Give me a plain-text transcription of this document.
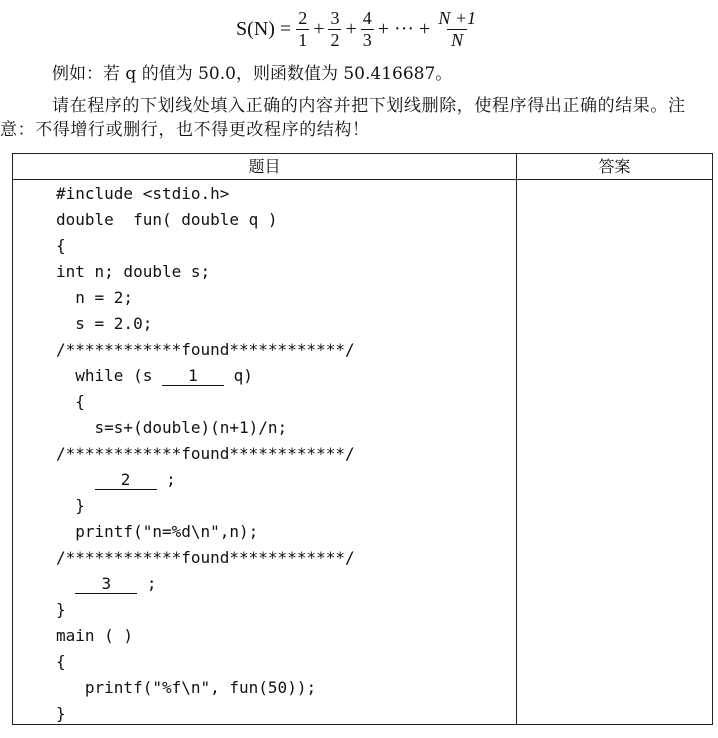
$S(N) = \frac{2}{1} + \frac{3}{2} + \frac{4}{3}$ + ··· + $\frac{N +1}{N}$
例如：若 q 的值为 50.0，则函数值为 50.416687。
请在程序的下划线处填入正确的内容并把下划线删除，使程序得出正确的结果。注意：不得增行或删行，也不得更改程序的结构！
题目	答案
#include <stdio.h>
double  fun( double q )
{
int n; double s;
n = 2;
s = 2.0;
/************found************/
while (s 1 q)
{
s=s+(double)(n+1)/n;
/************found************/
2 ;
}
printf("n=%d\n",n);
/************found************/
3 ;
}
main ( )
{
printf("%f\n", fun(50));
}
